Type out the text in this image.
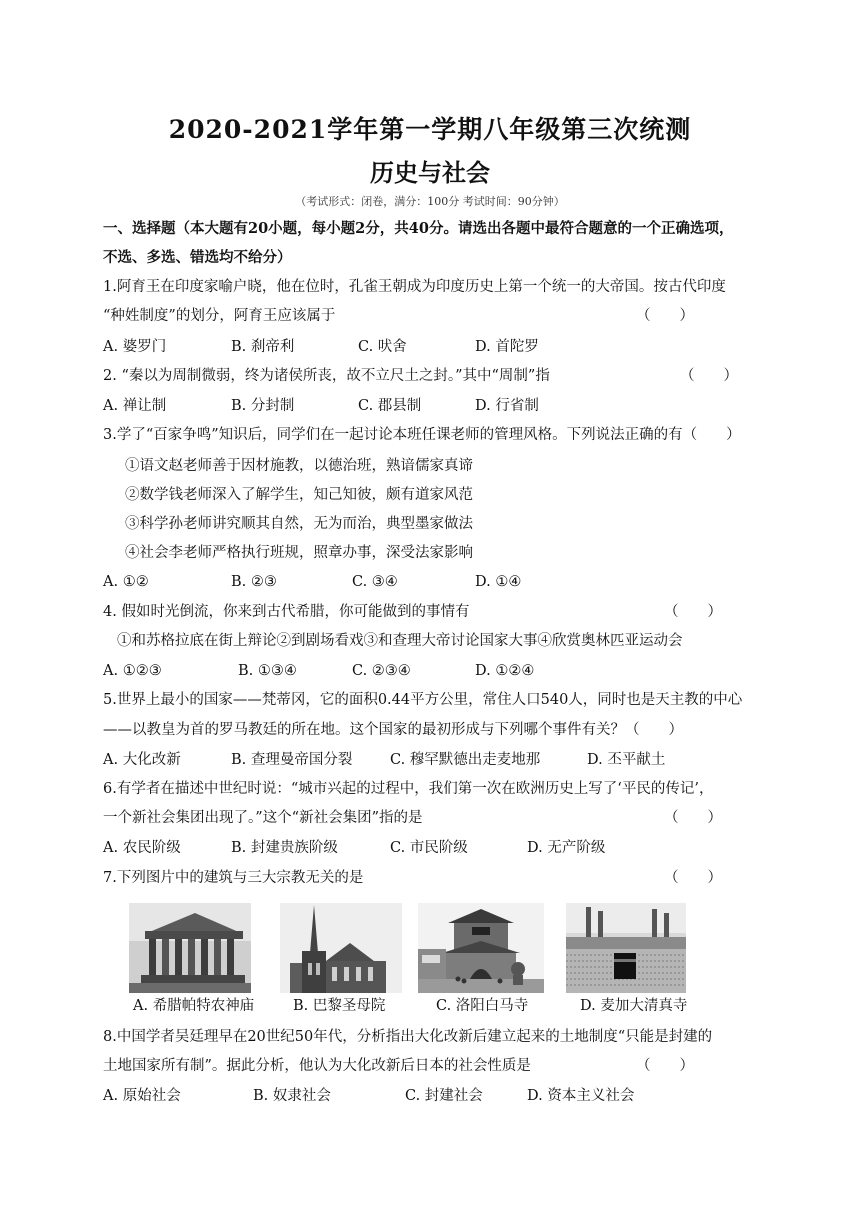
2020-2021学年第一学期八年级第三次统测
历史与社会
（考试形式：闭卷，满分：100分 考试时间：90分钟）
一、选择题（本大题有20小题，每小题2分，共40分。请选出各题中最符合题意的一个正确选项，
不选、多选、错选均不给分）
1.阿育王在印度家喻户晓，他在位时，孔雀王朝成为印度历史上第一个统一的大帝国。按古代印度
“种姓制度”的划分，阿育王应该属于	（　　）
A. 婆罗门	B. 刹帝利	C. 吠舍	D. 首陀罗
2. “秦以为周制微弱，终为诸侯所丧，故不立尺土之封。”其中“周制”指	（　　）
A. 禅让制	B. 分封制	C. 郡县制	D. 行省制
3.学了“百家争鸣”知识后，同学们在一起讨论本班任课老师的管理风格。下列说法正确的有（　　）
①语文赵老师善于因材施教，以德治班，熟谙儒家真谛
②数学钱老师深入了解学生，知己知彼，颇有道家风范
③科学孙老师讲究顺其自然，无为而治，典型墨家做法
④社会李老师严格执行班规，照章办事，深受法家影响
A. ①②	B. ②③	C. ③④	D. ①④
4. 假如时光倒流，你来到古代希腊，你可能做到的事情有	（　　）
①和苏格拉底在街上辩论②到剧场看戏③和查理大帝讨论国家大事④欣赏奥林匹亚运动会
A. ①②③	B. ①③④	C. ②③④	D. ①②④
5.世界上最小的国家——梵蒂冈，它的面积0.44平方公里，常住人口540人，同时也是天主教的中心
——以教皇为首的罗马教廷的所在地。这个国家的最初形成与下列哪个事件有关？（　　）
A. 大化改新	B. 查理曼帝国分裂	C. 穆罕默德出走麦地那	D. 丕平献土
6.有学者在描述中世纪时说：“城市兴起的过程中，我们第一次在欧洲历史上写了‘平民的传记’，
一个新社会集团出现了。”这个“新社会集团”指的是	（　　）
A. 农民阶级	B. 封建贵族阶级	C. 市民阶级	D. 无产阶级
7.下列图片中的建筑与三大宗教无关的是	（　　）
A. 希腊帕特农神庙	B. 巴黎圣母院	C. 洛阳白马寺	D. 麦加大清真寺
8.中国学者吴廷理早在20世纪50年代，分析指出大化改新后建立起来的土地制度“只能是封建的
土地国家所有制”。据此分析，他认为大化改新后日本的社会性质是	（　　）
A. 原始社会	B. 奴隶社会	C. 封建社会	D. 资本主义社会
